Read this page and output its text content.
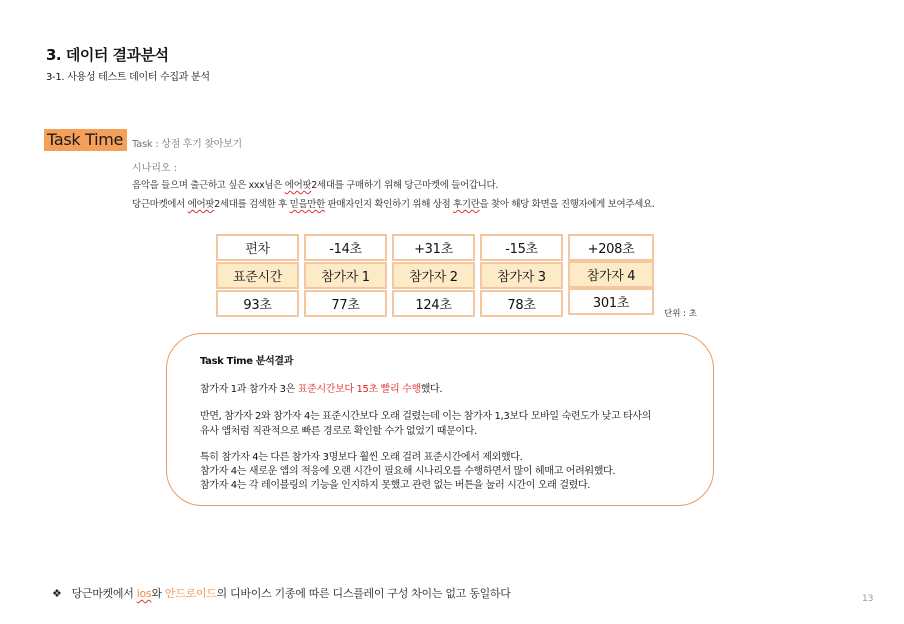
3. 데이터 결과분석
3-1. 사용성 테스트 데이터 수집과 분석
Task Time Task : 상점 후기 찾아보기
시나리오 :
음악을 들으며 출근하고 싶은 xxx님은 에어팟2세대를 구매하기 위해 당근마켓에 들어갑니다.
당근마켓에서 에어팟2세대를 검색한 후 믿을만한 판매자인지 확인하기 위해 상점 후기란을 찾아 해당 화면을 진행자에게 보여주세요.
편차	-14초	+31초	-15초	+208초
표준시간	참가자 1	참가자 2	참가자 3	참가자 4
93초	77초	124초	78초	301초
단위 : 초
Task Time 분석결과
참가자 1과 참가자 3은 표준시간보다 15초 빨리 수행했다.
반면, 참가자 2와 참가자 4는 표준시간보다 오래 걸렸는데 이는 참가자 1,3보다 모바일 숙련도가 낮고 타사의
유사 앱처럼 직관적으로 빠른 경로로 확인할 수가 없었기 때문이다.
특히 참가자 4는 다른 참가자 3명보다 훨씬 오래 걸려 표준시간에서 제외했다.
참가자 4는 새로운 앱의 적응에 오랜 시간이 필요해 시나리오를 수행하면서 많이 헤매고 어려워했다.
참가자 4는 각 레이블링의 기능을 인지하지 못했고 관련 없는 버튼을 눌러 시간이 오래 걸렸다.
❖ 당근마켓에서 ios와 안드로이드의 디바이스 기종에 따른 디스플레이 구성 차이는 없고 동일하다	13
